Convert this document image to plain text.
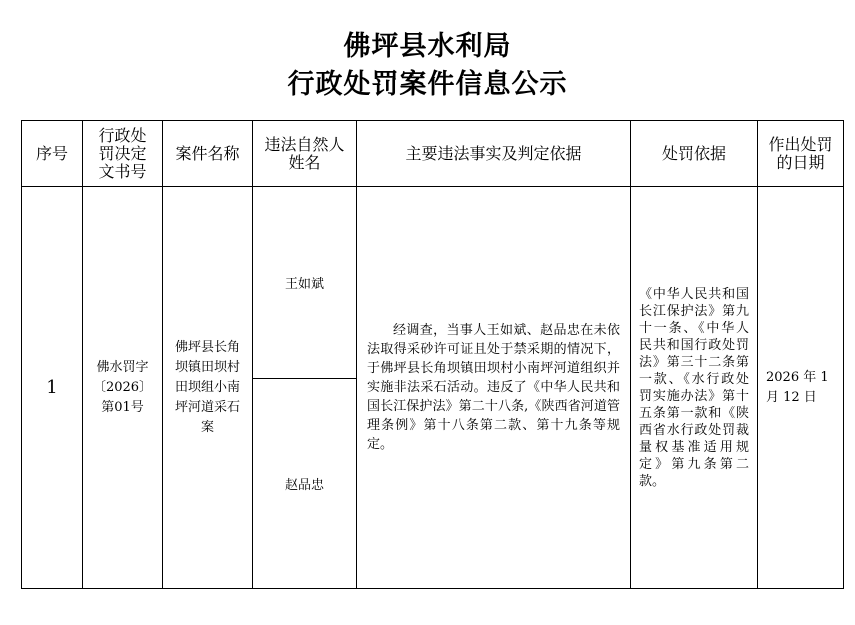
佛坪县水利局
行政处罚案件信息公示
序号	行政处罚决定文书号	案件名称	违法自然人姓名	主要违法事实及判定依据	处罚依据	作出处罚的日期
1	佛水罚字〔2026〕第01号	佛坪县长角坝镇田坝村田坝组小南坪河道采石案	王如斌	经调查，当事人王如斌、赵品忠在未依法取得采砂许可证且处于禁采期的情况下，于佛坪县长角坝镇田坝村小南坪河道组织并实施非法采石活动。违反了《中华人民共和国长江保护法》第二十八条,《陕西省河道管理条例》第十八条第二款、第十九条等规定。	《中华人民共和国长江保护法》第九十一条、《中华人民共和国行政处罚法》第三十二条第一款、《水行政处罚实施办法》第十五条第一款和《陕西省水行政处罚裁量权基准适用规定》第九条第二款。	2026 年 1 月 12 日
			赵品忠			
